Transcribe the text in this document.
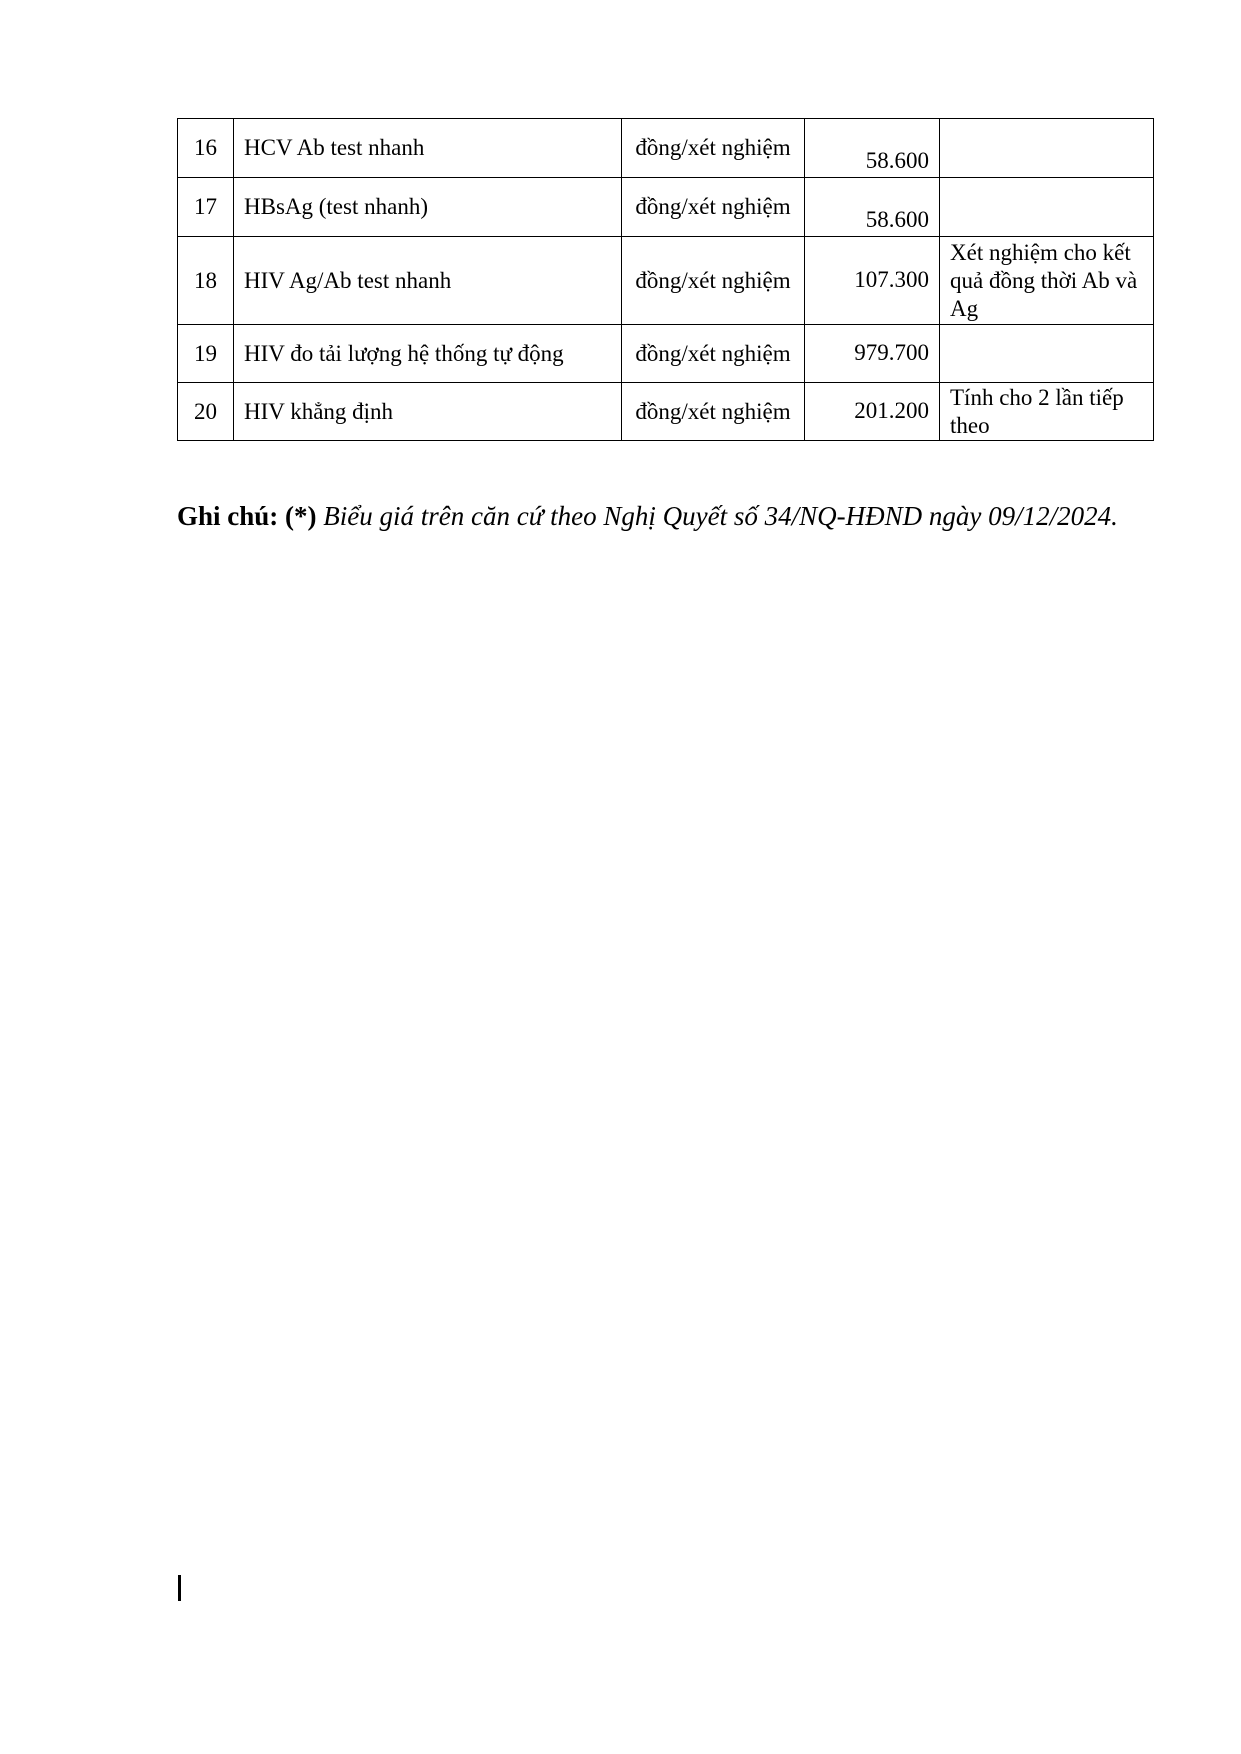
16	HCV Ab test nhanh	đồng/xét nghiệm	58.600	
17	HBsAg (test nhanh)	đồng/xét nghiệm	58.600	
18	HIV Ag/Ab test nhanh	đồng/xét nghiệm	107.300	Xét nghiệm cho kết quả đồng thời Ab và Ag
19	HIV đo tải lượng hệ thống tự động	đồng/xét nghiệm	979.700	
20	HIV khẳng định	đồng/xét nghiệm	201.200	Tính cho 2 lần tiếp theo

Ghi chú: (*) Biểu giá trên căn cứ theo Nghị Quyết số 34/NQ-HĐND ngày 09/12/2024.
